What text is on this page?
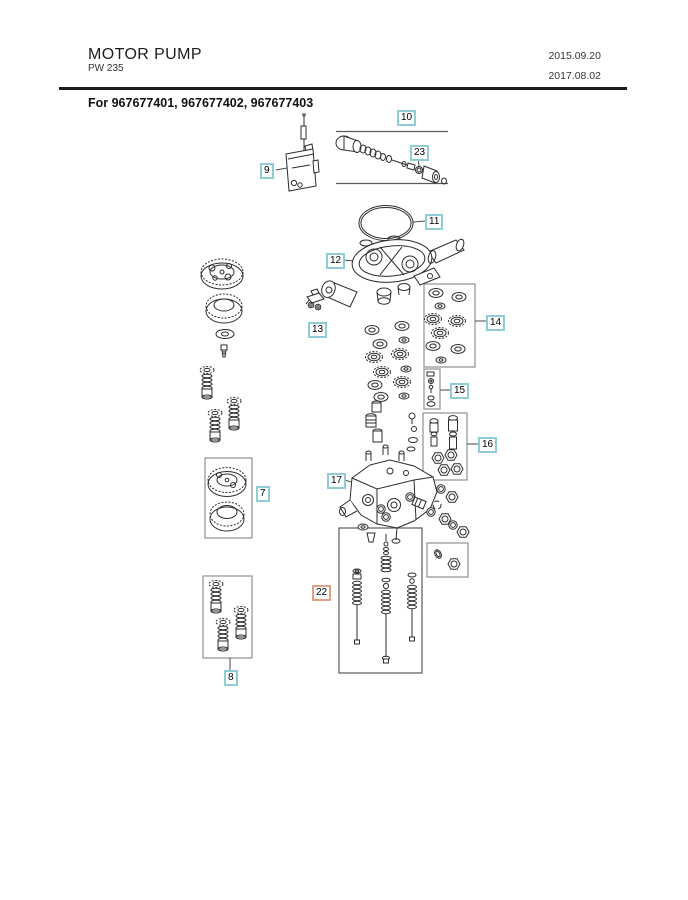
MOTOR PUMP
PW 235
2015.09.20
2017.08.02
For 967677401, 967677402, 967677403
9
10
23
11
12
13
14
15
16
17
7
8
22
